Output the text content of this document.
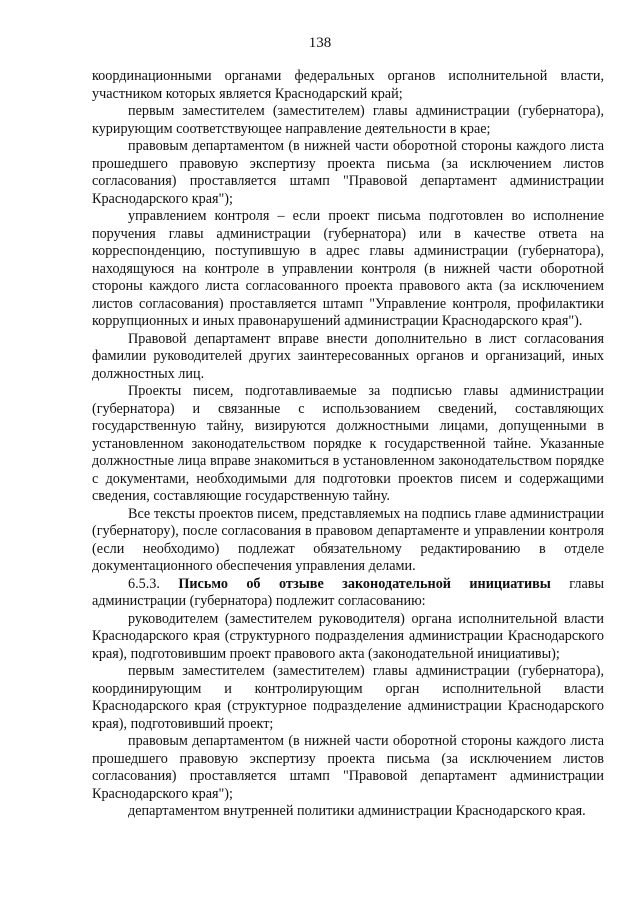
138

координационными органами федеральных органов исполнительной власти, участником которых является Краснодарский край;

первым заместителем (заместителем) главы администрации (губернатора), курирующим соответствующее направление деятельности в крае;

правовым департаментом (в нижней части оборотной стороны каждого листа прошедшего правовую экспертизу проекта письма (за исключением листов согласования) проставляется штамп "Правовой департамент администрации Краснодарского края");

управлением контроля – если проект письма подготовлен во исполнение поручения главы администрации (губернатора) или в качестве ответа на корреспонденцию, поступившую в адрес главы администрации (губернатора), находящуюся на контроле в управлении контроля (в нижней части оборотной стороны каждого листа согласованного проекта правового акта (за исключением листов согласования) проставляется штамп "Управление контроля, профилактики коррупционных и иных правонарушений администрации Краснодарского края").

Правовой департамент вправе внести дополнительно в лист согласования фамилии руководителей других заинтересованных органов и организаций, иных должностных лиц.

Проекты писем, подготавливаемые за подписью главы администрации (губернатора) и связанные с использованием сведений, составляющих государственную тайну, визируются должностными лицами, допущенными в установленном законодательством порядке к государственной тайне. Указанные должностные лица вправе знакомиться в установленном законодательством порядке с документами, необходимыми для подготовки проектов писем и содержащими сведения, составляющие государственную тайну.

Все тексты проектов писем, представляемых на подпись главе администрации (губернатору), после согласования в правовом департаменте и управлении контроля (если необходимо) подлежат обязательному редактированию в отделе документационного обеспечения управления делами.

6.5.3. Письмо об отзыве законодательной инициативы главы администрации (губернатора) подлежит согласованию:

руководителем (заместителем руководителя) органа исполнительной власти Краснодарского края (структурного подразделения администрации Краснодарского края), подготовившим проект правового акта (законодательной инициативы);

первым заместителем (заместителем) главы администрации (губернатора), координирующим и контролирующим орган исполнительной власти Краснодарского края (структурное подразделение администрации Краснодарского края), подготовивший проект;

правовым департаментом (в нижней части оборотной стороны каждого листа прошедшего правовую экспертизу проекта письма (за исключением листов согласования) проставляется штамп "Правовой департамент администрации Краснодарского края");

департаментом внутренней политики администрации Краснодарского края.
